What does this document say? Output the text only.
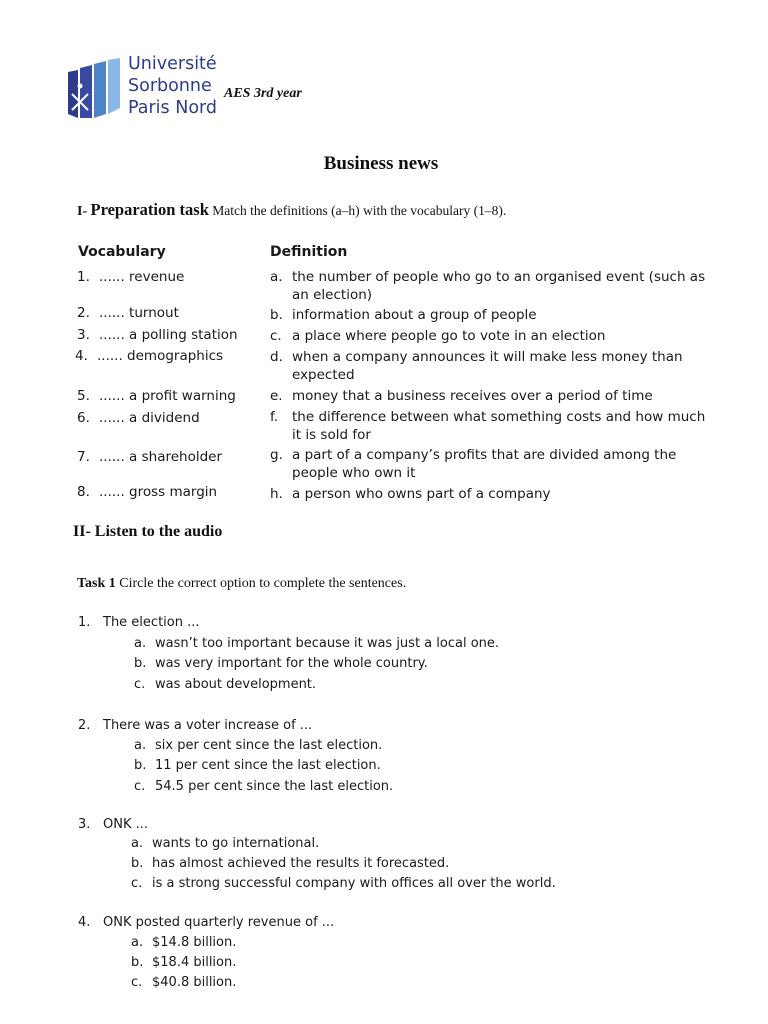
Université
Sorbonne
Paris Nord
AES 3rd year
Business news
I- Preparation task Match the definitions (a–h) with the vocabulary (1–8).
Vocabulary	Definition
1. ...... revenue
2. ...... turnout
3. ...... a polling station
4. ...... demographics
5. ...... a profit warning
6. ...... a dividend
7. ...... a shareholder
8. ...... gross margin
a. the number of people who go to an organised event (such as an election)
b. information about a group of people
c. a place where people go to vote in an election
d. when a company announces it will make less money than expected
e. money that a business receives over a period of time
f. the difference between what something costs and how much it is sold for
g. a part of a company’s profits that are divided among the people who own it
h. a person who owns part of a company
II- Listen to the audio
Task 1 Circle the correct option to complete the sentences.
1. The election ...
a. wasn’t too important because it was just a local one.
b. was very important for the whole country.
c. was about development.
2. There was a voter increase of ...
a. six per cent since the last election.
b. 11 per cent since the last election.
c. 54.5 per cent since the last election.
3. ONK ...
a. wants to go international.
b. has almost achieved the results it forecasted.
c. is a strong successful company with offices all over the world.
4. ONK posted quarterly revenue of ...
a. $14.8 billion.
b. $18.4 billion.
c. $40.8 billion.
